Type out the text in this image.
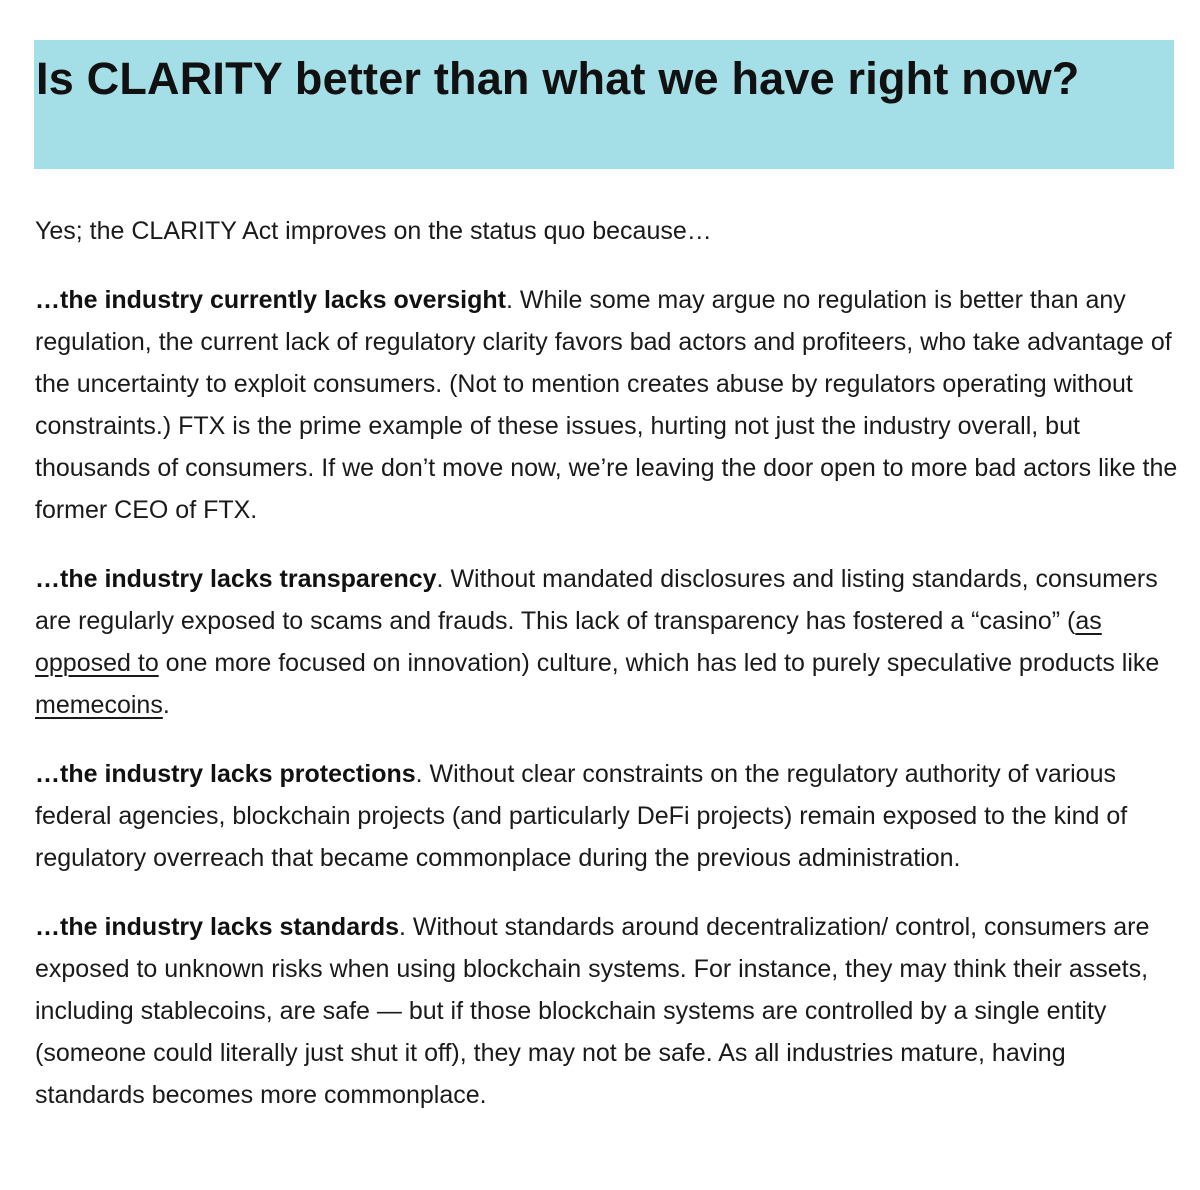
Is CLARITY better than what we have right now?

Yes; the CLARITY Act improves on the status quo because…

…the industry currently lacks oversight. While some may argue no regulation is better than any regulation, the current lack of regulatory clarity favors bad actors and profiteers, who take advantage of the uncertainty to exploit consumers. (Not to mention creates abuse by regulators operating without constraints.) FTX is the prime example of these issues, hurting not just the industry overall, but thousands of consumers. If we don’t move now, we’re leaving the door open to more bad actors like the former CEO of FTX.

…the industry lacks transparency. Without mandated disclosures and listing standards, consumers are regularly exposed to scams and frauds. This lack of transparency has fostered a “casino” (as opposed to one more focused on innovation) culture, which has led to purely speculative products like memecoins.

…the industry lacks protections. Without clear constraints on the regulatory authority of various federal agencies, blockchain projects (and particularly DeFi projects) remain exposed to the kind of regulatory overreach that became commonplace during the previous administration.

…the industry lacks standards. Without standards around decentralization/ control, consumers are exposed to unknown risks when using blockchain systems. For instance, they may think their assets, including stablecoins, are safe — but if those blockchain systems are controlled by a single entity (someone could literally just shut it off), they may not be safe. As all industries mature, having standards becomes more commonplace.
